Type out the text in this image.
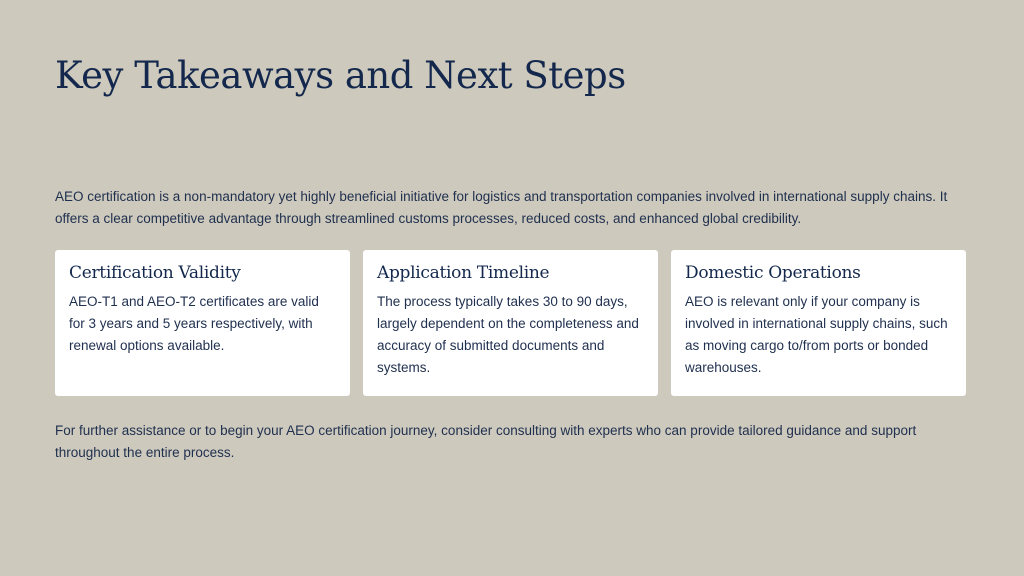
Key Takeaways and Next Steps

AEO certification is a non-mandatory yet highly beneficial initiative for logistics and transportation companies involved in international supply chains. It offers a clear competitive advantage through streamlined customs processes, reduced costs, and enhanced global credibility.

Certification Validity

AEO-T1 and AEO-T2 certificates are valid for 3 years and 5 years respectively, with renewal options available.

Application Timeline

The process typically takes 30 to 90 days, largely dependent on the completeness and accuracy of submitted documents and systems.

Domestic Operations

AEO is relevant only if your company is involved in international supply chains, such as moving cargo to/from ports or bonded warehouses.

For further assistance or to begin your AEO certification journey, consider consulting with experts who can provide tailored guidance and support throughout the entire process.
